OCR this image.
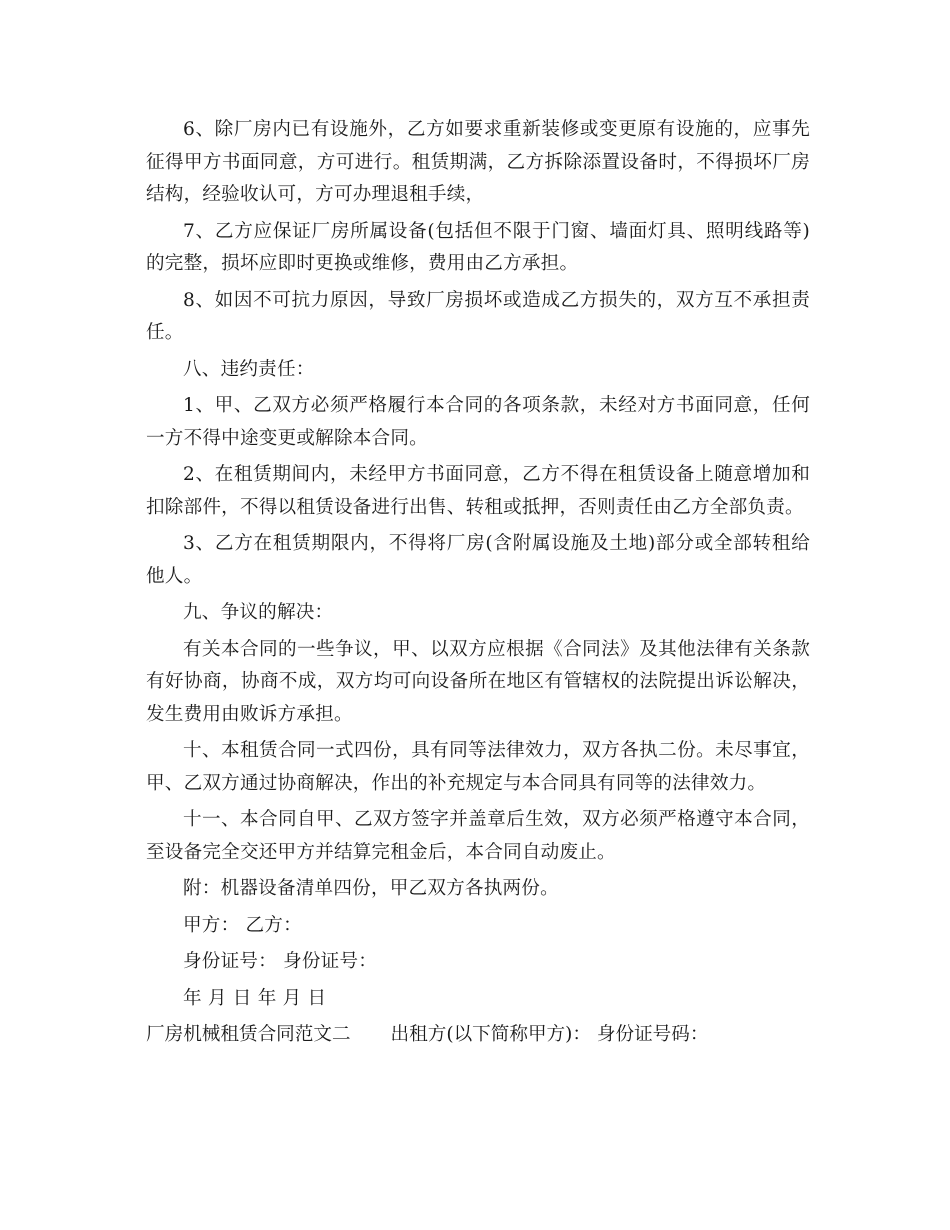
6、除厂房内已有设施外，乙方如要求重新装修或变更原有设施的，应事先征得甲方书面同意，方可进行。租赁期满，乙方拆除添置设备时，不得损坏厂房结构，经验收认可，方可办理退租手续，

7、乙方应保证厂房所属设备(包括但不限于门窗、墙面灯具、照明线路等)的完整，损坏应即时更换或维修，费用由乙方承担。

8、如因不可抗力原因，导致厂房损坏或造成乙方损失的，双方互不承担责任。

八、违约责任：

1、甲、乙双方必须严格履行本合同的各项条款，未经对方书面同意，任何一方不得中途变更或解除本合同。

2、在租赁期间内，未经甲方书面同意，乙方不得在租赁设备上随意增加和扣除部件，不得以租赁设备进行出售、转租或抵押，否则责任由乙方全部负责。

3、乙方在租赁期限内，不得将厂房(含附属设施及土地)部分或全部转租给他人。

九、争议的解决：

有关本合同的一些争议，甲、以双方应根据《合同法》及其他法律有关条款有好协商，协商不成，双方均可向设备所在地区有管辖权的法院提出诉讼解决，发生费用由败诉方承担。

十、本租赁合同一式四份，具有同等法律效力，双方各执二份。未尽事宜，甲、乙双方通过协商解决，作出的补充规定与本合同具有同等的法律效力。

十一、本合同自甲、乙双方签字并盖章后生效，双方必须严格遵守本合同，至设备完全交还甲方并结算完租金后，本合同自动废止。

附：机器设备清单四份，甲乙双方各执两份。

甲方： 乙方：

身份证号： 身份证号：

年 月 日 年 月 日

厂房机械租赁合同范文二 出租方(以下简称甲方)： 身份证号码：
